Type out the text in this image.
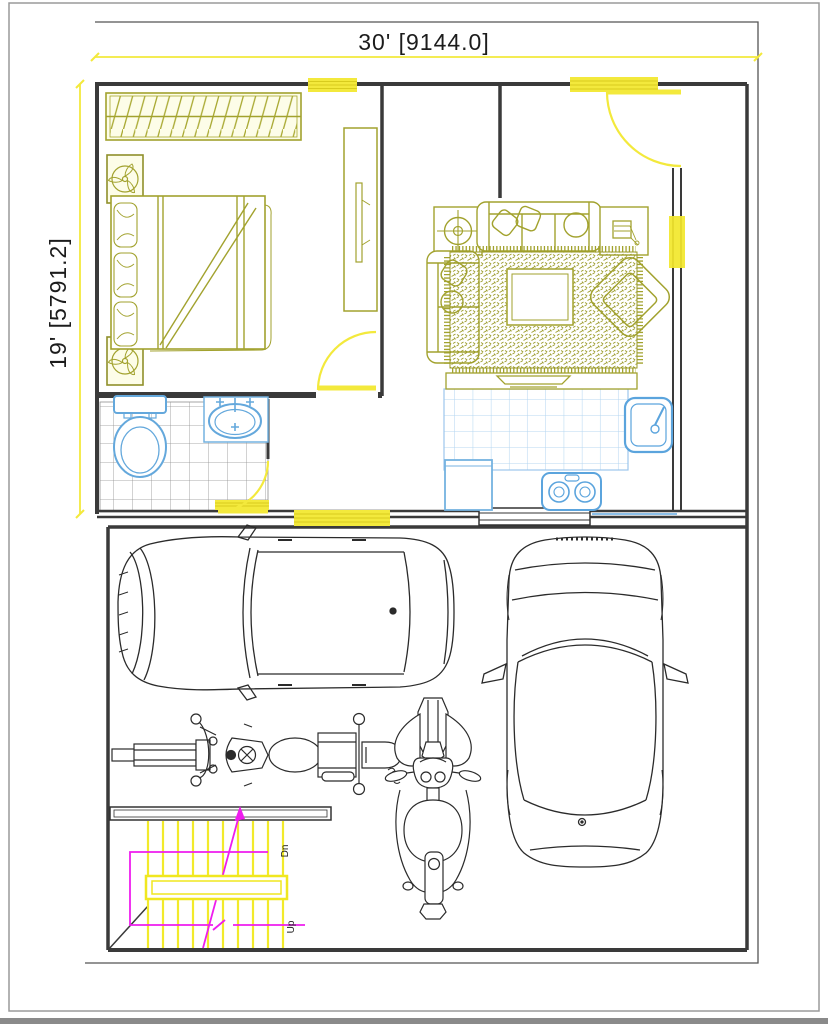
30' [9144.0]
19' [5791.2]
Dn
Up
